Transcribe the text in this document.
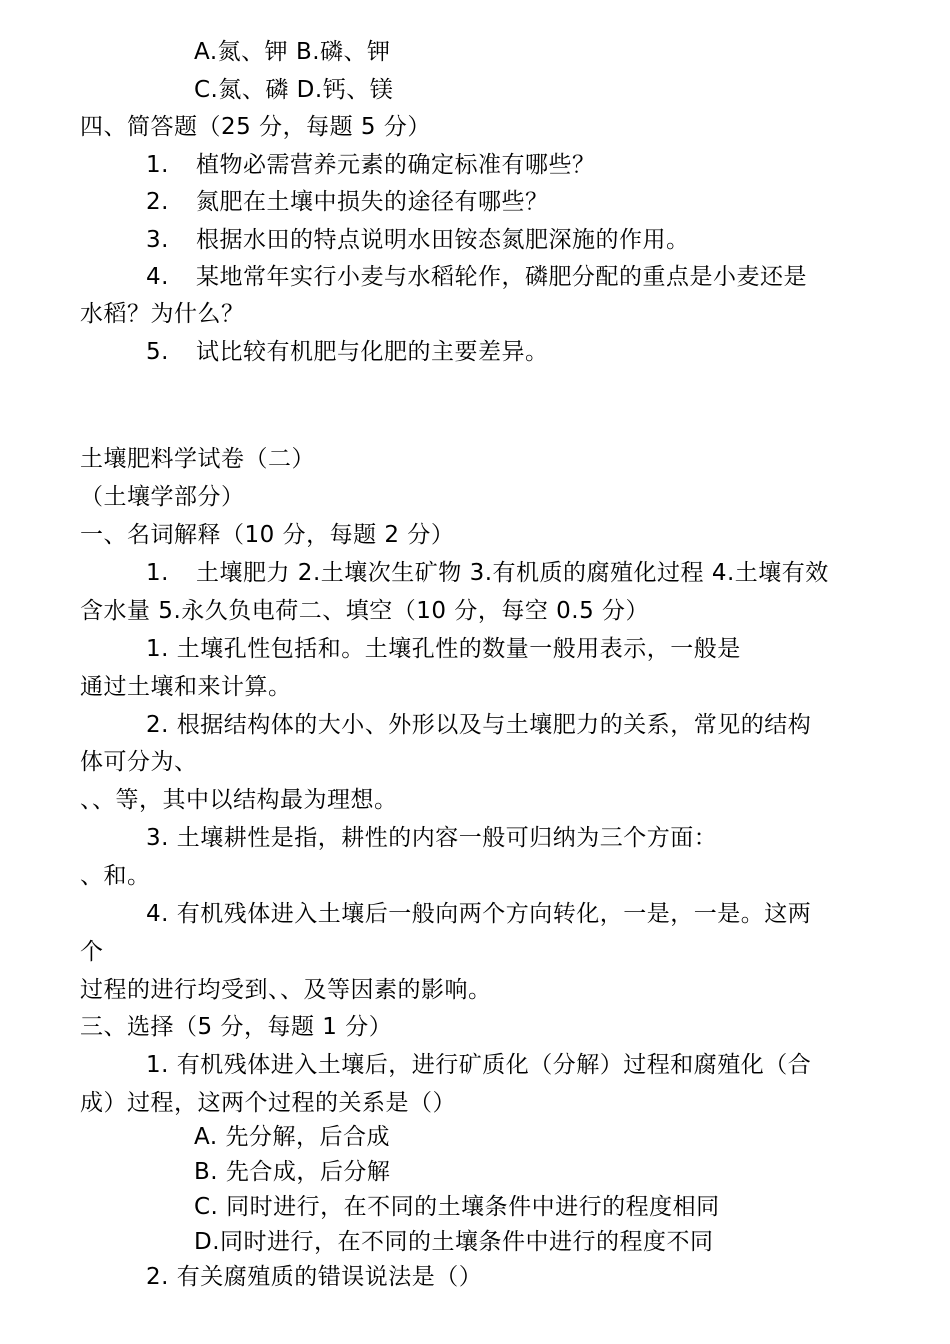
A.氮、钾 B.磷、钾
C.氮、磷 D.钙、镁
四、简答题（25 分，每题 5 分）
1. 植物必需营养元素的确定标准有哪些？
2. 氮肥在土壤中损失的途径有哪些？
3. 根据水田的特点说明水田铵态氮肥深施的作用。
4. 某地常年实行小麦与水稻轮作，磷肥分配的重点是小麦还是
水稻？为什么？
5. 试比较有机肥与化肥的主要差异。
土壤肥料学试卷（二）
（土壤学部分）
一、名词解释（10 分，每题 2 分）
1. 土壤肥力 2.土壤次生矿物 3.有机质的腐殖化过程 4.土壤有效
含水量 5.永久负电荷二、填空（10 分，每空 0.5 分）
1. 土壤孔性包括和。土壤孔性的数量一般用表示，一般是
通过土壤和来计算。
2. 根据结构体的大小、外形以及与土壤肥力的关系，常见的结构
体可分为、
、、等，其中以结构最为理想。
3. 土壤耕性是指，耕性的内容一般可归纳为三个方面：
、和。
4. 有机残体进入土壤后一般向两个方向转化，一是，一是。这两
个
过程的进行均受到、、及等因素的影响。
三、选择（5 分，每题 1 分）
1. 有机残体进入土壤后，进行矿质化（分解）过程和腐殖化（合
成）过程，这两个过程的关系是（）
A. 先分解，后合成
B. 先合成，后分解
C. 同时进行，在不同的土壤条件中进行的程度相同
D.同时进行，在不同的土壤条件中进行的程度不同
2. 有关腐殖质的错误说法是（）
